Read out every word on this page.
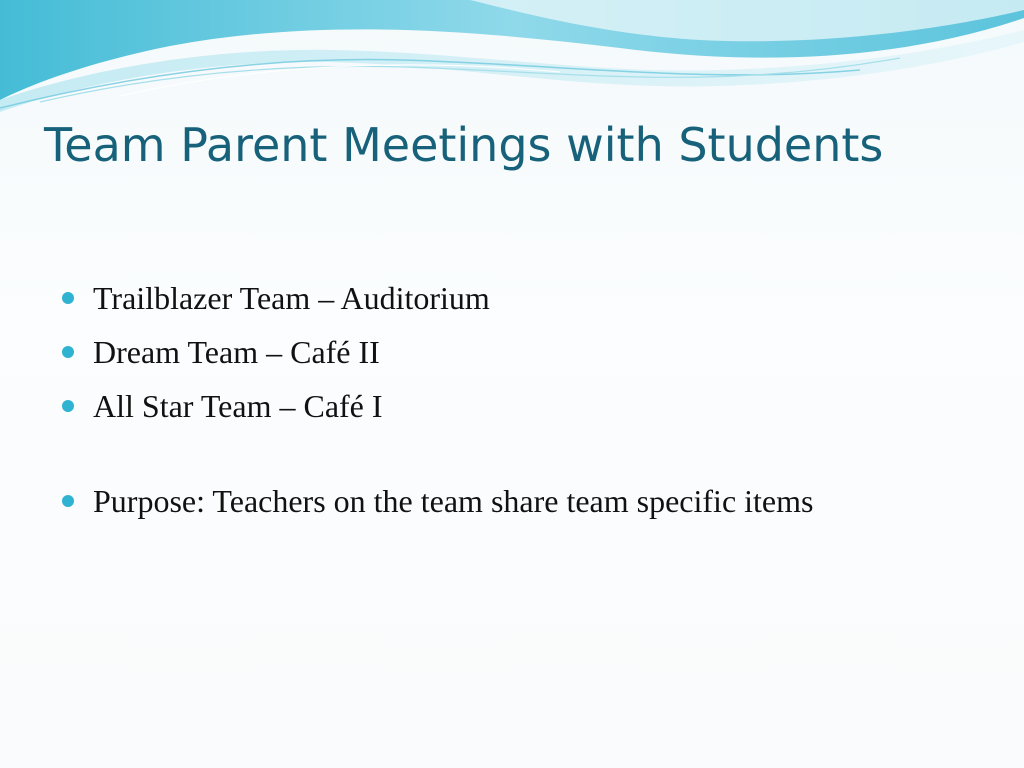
Team Parent Meetings with Students
Trailblazer Team – Auditorium
Dream Team – Café II
All Star Team – Café I
Purpose: Teachers on the team share team specific items
